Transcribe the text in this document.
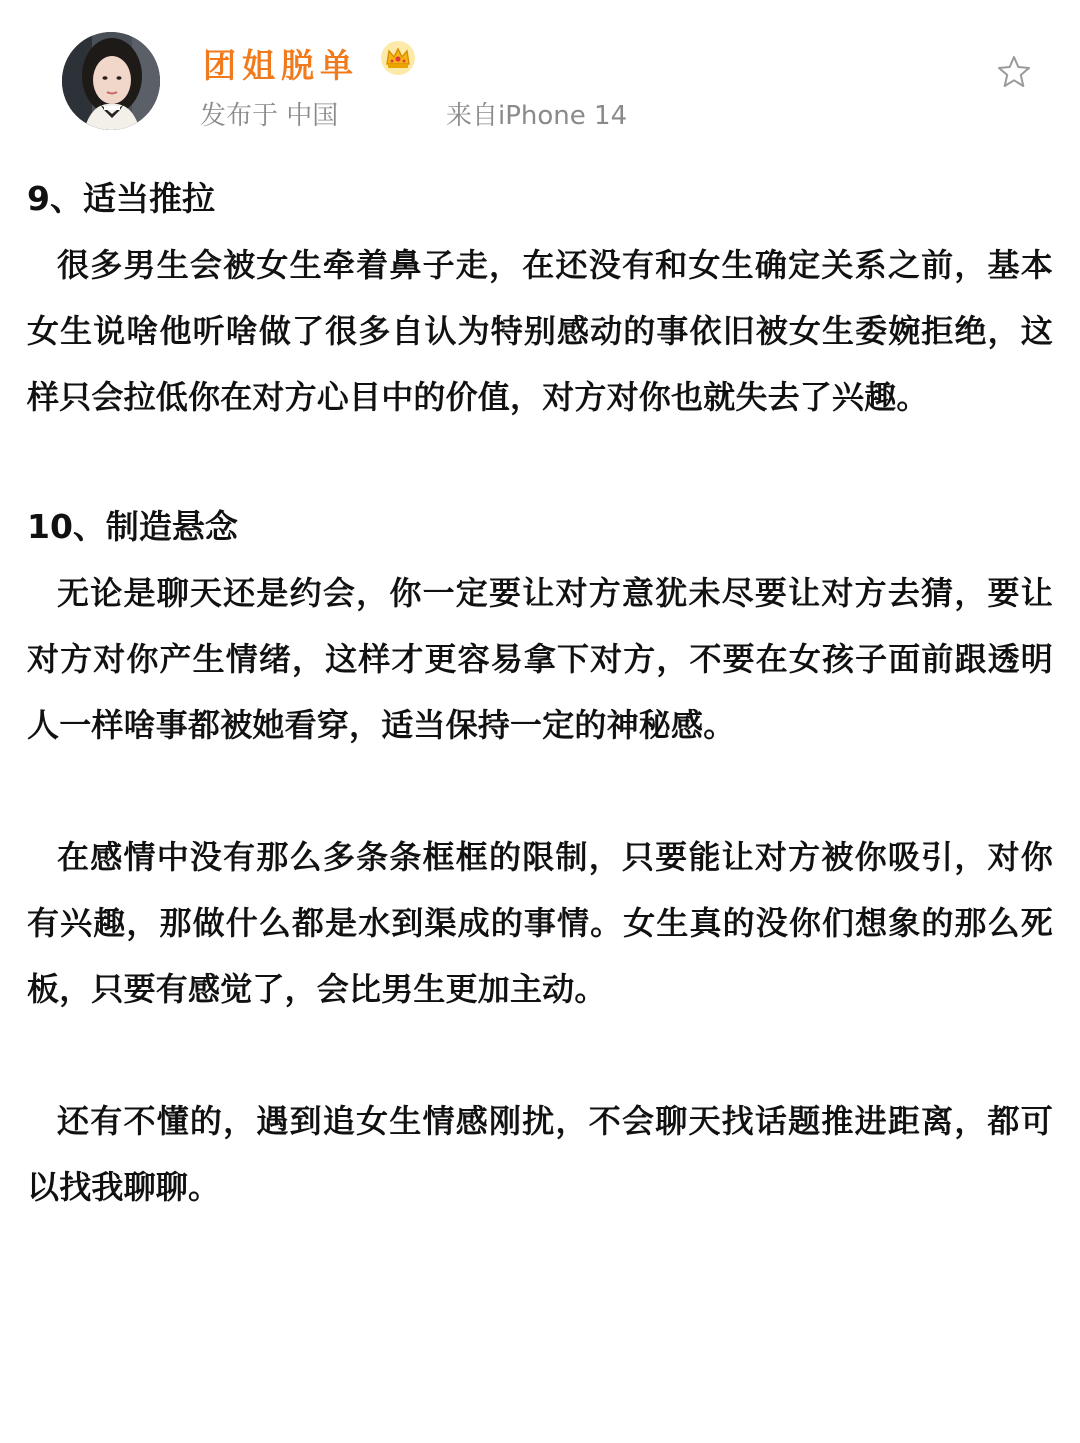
团姐脱单
发布于 中国	来自iPhone 14
9、适当推拉

很多男生会被女生牵着鼻子走，在还没有和女生确定关系之前，基本女生说啥他听啥做了很多自认为特别感动的事依旧被女生委婉拒绝，这样只会拉低你在对方心目中的价值，对方对你也就失去了兴趣。

10、制造悬念

无论是聊天还是约会，你一定要让对方意犹未尽要让对方去猜，要让对方对你产生情绪，这样才更容易拿下对方，不要在女孩子面前跟透明人一样啥事都被她看穿，适当保持一定的神秘感。

在感情中没有那么多条条框框的限制，只要能让对方被你吸引，对你有兴趣，那做什么都是水到渠成的事情。女生真的没你们想象的那么死板，只要有感觉了，会比男生更加主动。

还有不懂的，遇到追女生情感刚扰，不会聊天找话题推进距离，都可以找我聊聊。
